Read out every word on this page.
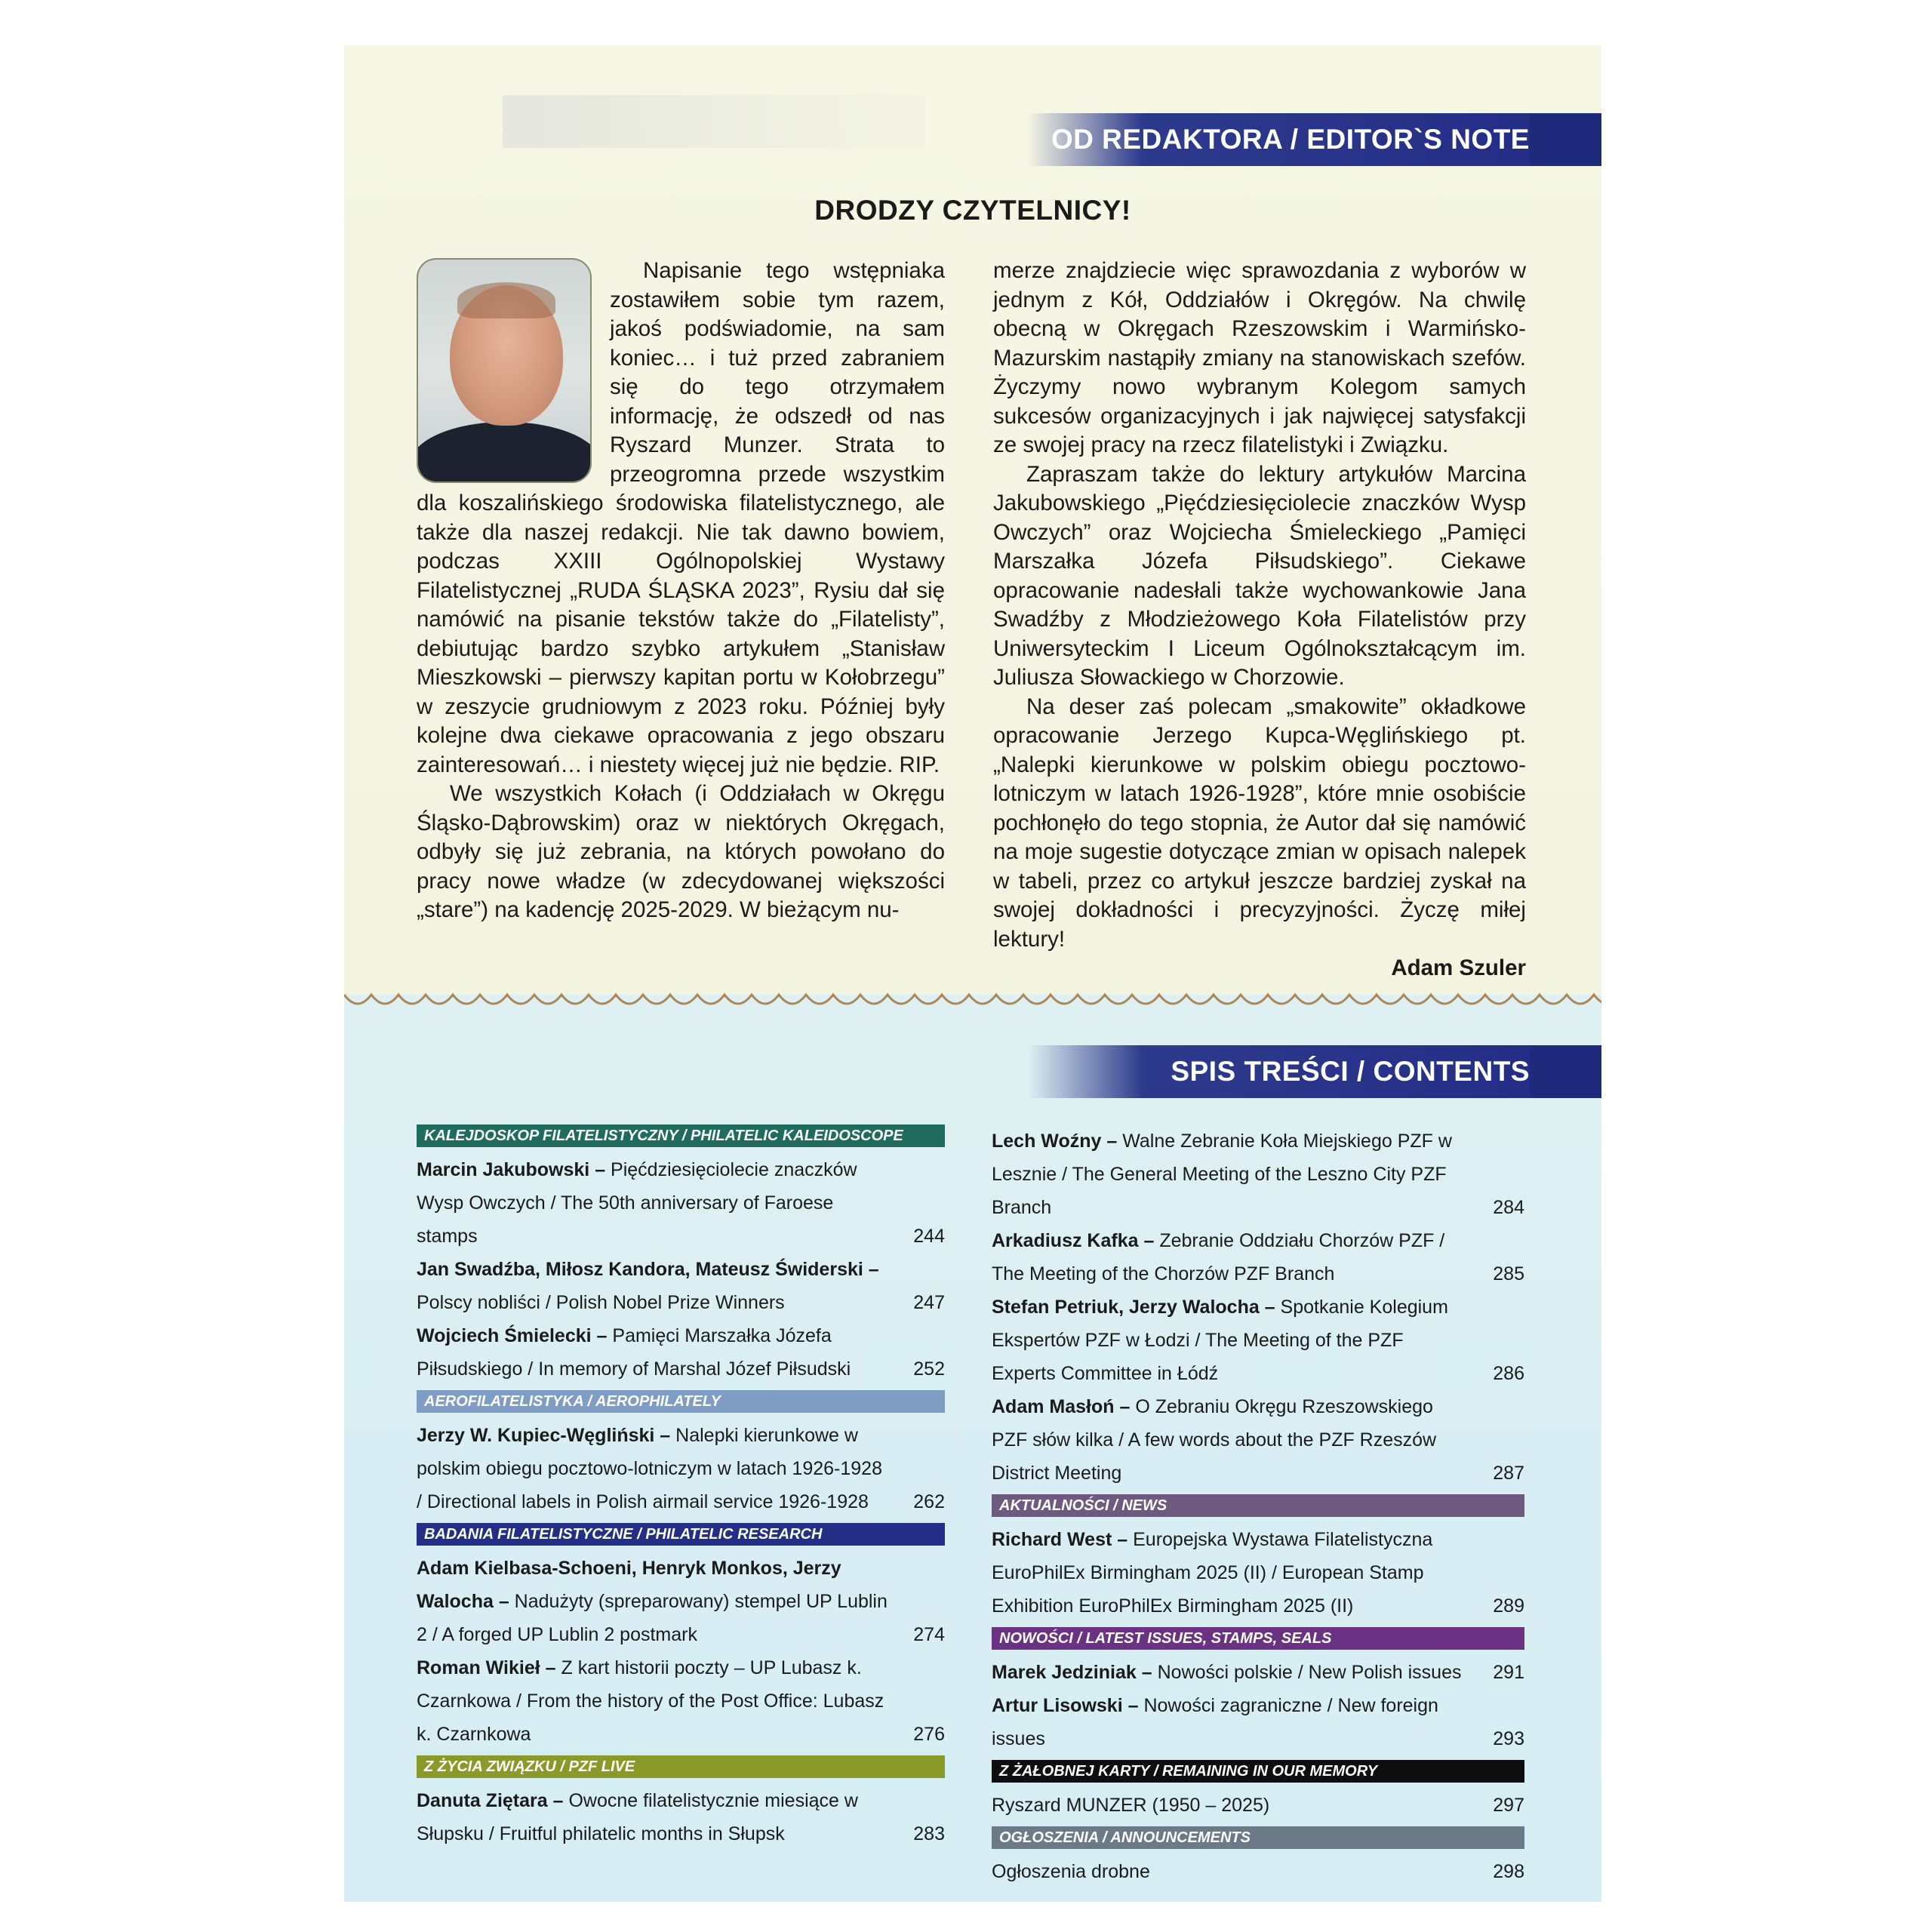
OD REDAKTORA / EDITOR`S NOTE
DRODZY CZYTELNICY!

Napisanie tego wstępniaka zostawiłem sobie tym razem, jakoś podświadomie, na sam koniec… i tuż przed zabraniem się do tego otrzymałem informację, że odszedł od nas Ryszard Munzer. Strata to przeogromna przede wszystkim dla koszalińskiego środowiska filatelistycznego, ale także dla naszej redakcji. Nie tak dawno bowiem, podczas XXIII Ogólnopolskiej Wystawy Filatelistycznej „RUDA ŚLĄSKA 2023”, Rysiu dał się namówić na pisanie tekstów także do „Filatelisty”, debiutując bardzo szybko artykułem „Stanisław Mieszkowski – pierwszy kapitan portu w Kołobrzegu” w zeszycie grudniowym z 2023 roku. Później były kolejne dwa ciekawe opracowania z jego obszaru zainteresowań… i niestety więcej już nie będzie. RIP.

We wszystkich Kołach (i Oddziałach w Okręgu Śląsko-Dąbrowskim) oraz w niektórych Okręgach, odbyły się już zebrania, na których powołano do pracy nowe władze (w zdecydowanej większości „stare”) na kadencję 2025-2029. W bieżącym nu-

merze znajdziecie więc sprawozdania z wyborów w jednym z Kół, Oddziałów i Okręgów. Na chwilę obecną w Okręgach Rzeszowskim i Warmińsko-Mazurskim nastąpiły zmiany na stanowiskach szefów. Życzymy nowo wybranym Kolegom samych sukcesów organizacyjnych i jak najwięcej satysfakcji ze swojej pracy na rzecz filatelistyki i Związku.

Zapraszam także do lektury artykułów Marcina Jakubowskiego „Pięćdziesięciolecie znaczków Wysp Owczych” oraz Wojciecha Śmieleckiego „Pamięci Marszałka Józefa Piłsudskiego”. Ciekawe opracowanie nadesłali także wychowankowie Jana Swadźby z Młodzieżowego Koła Filatelistów przy Uniwersyteckim I Liceum Ogólnokształcącym im. Juliusza Słowackiego w Chorzowie.

Na deser zaś polecam „smakowite” okładkowe opracowanie Jerzego Kupca-Węglińskiego pt. „Nalepki kierunkowe w polskim obiegu pocztowo-lotniczym w latach 1926-1928”, które mnie osobiście pochłonęło do tego stopnia, że Autor dał się namówić na moje sugestie dotyczące zmian w opisach nalepek w tabeli, przez co artykuł jeszcze bardziej zyskał na swojej dokładności i precyzyjności. Życzę miłej lektury!

Adam Szuler

SPIS TREŚCI / CONTENTS
KALEJDOSKOP FILATELISTYCZNY / PHILATELIC KALEIDOSCOPE
Marcin Jakubowski – Pięćdziesięciolecie znaczków Wysp Owczych / The 50th anniversary of Faroese stamps	244
Jan Swadźba, Miłosz Kandora, Mateusz Świderski – Polscy nobliści / Polish Nobel Prize Winners	247
Wojciech Śmielecki – Pamięci Marszałka Józefa Piłsudskiego / In memory of Marshal Józef Piłsudski	252
AEROFILATELISTYKA / AEROPHILATELY
Jerzy W. Kupiec-Węgliński – Nalepki kierunkowe w polskim obiegu pocztowo-lotniczym w latach 1926-1928 / Directional labels in Polish airmail service 1926-1928 262
BADANIA FILATELISTYCZNE / PHILATELIC RESEARCH
Adam Kielbasa-Schoeni, Henryk Monkos, Jerzy Walocha – Nadużyty (spreparowany) stempel UP Lublin 2 / A forged UP Lublin 2 postmark	274
Roman Wikieł – Z kart historii poczty – UP Lubasz k. Czarnkowa / From the history of the Post Office: Lubasz k. Czarnkowa	276
Z ŻYCIA ZWIĄZKU / PZF LIVE
Danuta Ziętara – Owocne filatelistycznie miesiące w Słupsku / Fruitful philatelic months in Słupsk	283
Lech Woźny – Walne Zebranie Koła Miejskiego PZF w Lesznie / The General Meeting of the Leszno City PZF Branch	284
Arkadiusz Kafka – Zebranie Oddziału Chorzów PZF / The Meeting of the Chorzów PZF Branch	285
Stefan Petriuk, Jerzy Walocha – Spotkanie Kolegium Ekspertów PZF w Łodzi / The Meeting of the PZF Experts Committee in Łódź	286
Adam Masłoń – O Zebraniu Okręgu Rzeszowskiego PZF słów kilka / A few words about the PZF Rzeszów District Meeting	287
AKTUALNOŚCI / NEWS
Richard West – Europejska Wystawa Filatelistyczna EuroPhilEx Birmingham 2025 (II) / European Stamp Exhibition EuroPhilEx Birmingham 2025 (II)	289
NOWOŚCI / LATEST ISSUES, STAMPS, SEALS
Marek Jedziniak – Nowości polskie / New Polish issues 291
Artur Lisowski – Nowości zagraniczne / New foreign issues	293
Z ŻAŁOBNEJ KARTY / REMAINING IN OUR MEMORY
Ryszard MUNZER (1950 – 2025)	297
OGŁOSZENIA / ANNOUNCEMENTS
Ogłoszenia drobne	298
